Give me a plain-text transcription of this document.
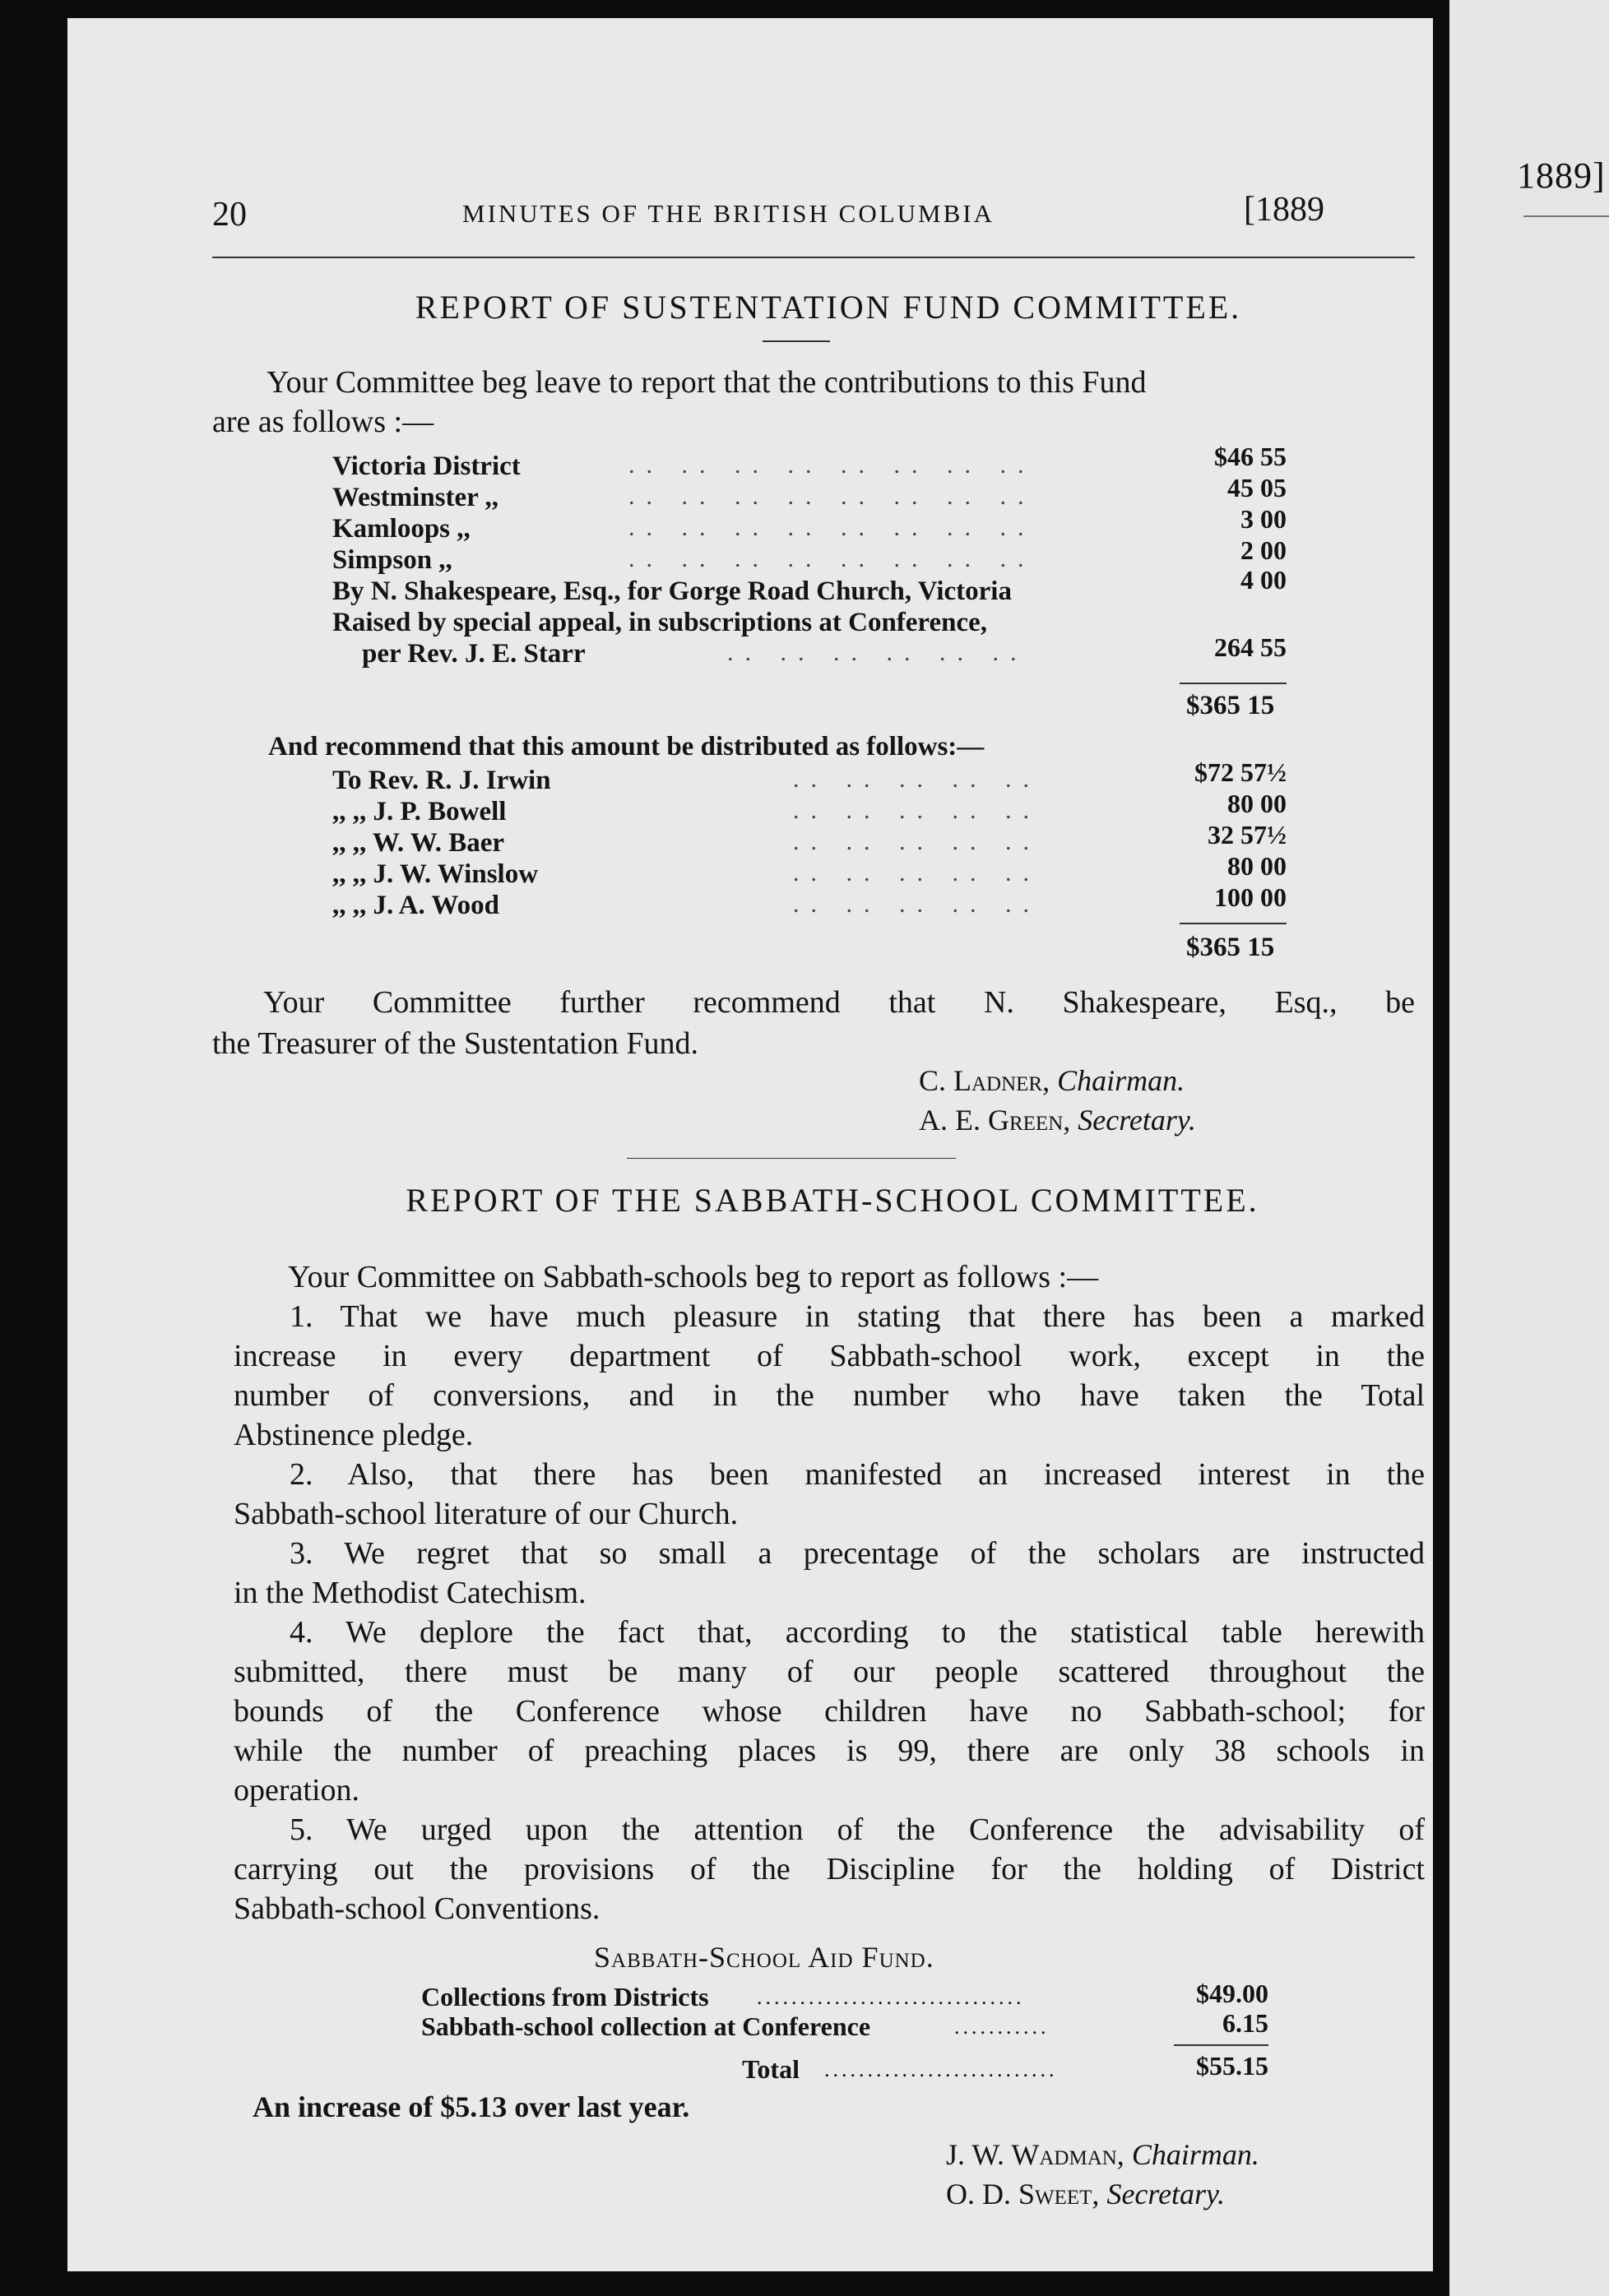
20	MINUTES OF THE BRITISH COLUMBIA	[1889
REPORT OF SUSTENTATION FUND COMMITTEE.
Your Committee beg leave to report that the contributions to this Fund
are as follows :—
Victoria District	.. .. .. .. .. .. .. ..	$46 55
Westminster ,,	.. .. .. .. .. .. .. ..	45 05
Kamloops ,,	.. .. .. .. .. .. .. ..	3 00
Simpson ,,	.. .. .. .. .. .. .. ..	2 00
By N. Shakespeare, Esq., for Gorge Road Church, Victoria	4 00
Raised by special appeal, in subscriptions at Conference,
per Rev. J. E. Starr	.. .. .. .. .. ..	264 55
$365 15
And recommend that this amount be distributed as follows:—
To Rev. R. J. Irwin	.. .. .. .. ..	$72 57½
,, ,, J. P. Bowell	.. .. .. .. ..	80 00
,, ,, W. W. Baer	.. .. .. .. ..	32 57½
,, ,, J. W. Winslow	.. .. .. .. ..	80 00
,, ,, J. A. Wood	.. .. .. .. ..	100 00
$365 15
Your Committee further recommend that N. Shakespeare, Esq., be
the Treasurer of the Sustentation Fund.
C. Ladner, Chairman.
A. E. Green, Secretary.
REPORT OF THE SABBATH-SCHOOL COMMITTEE.
Your Committee on Sabbath-schools beg to report as follows :—
1. That we have much pleasure in stating that there has been a marked
increase in every department of Sabbath-school work, except in the
number of conversions, and in the number who have taken the Total
Abstinence pledge.
2. Also, that there has been manifested an increased interest in the
Sabbath-school literature of our Church.
3. We regret that so small a precentage of the scholars are instructed
in the Methodist Catechism.
4. We deplore the fact that, according to the statistical table herewith
submitted, there must be many of our people scattered throughout the
bounds of the Conference whose children have no Sabbath-school; for
while the number of preaching places is 99, there are only 38 schools in
operation.
5. We urged upon the attention of the Conference the advisability of
carrying out the provisions of the Discipline for the holding of District
Sabbath-school Conventions.
Sabbath-School Aid Fund.
Collections from Districts ...............................	$49.00
Sabbath-school collection at Conference	...........	6.15
Total ...........................	$55.15
An increase of $5.13 over last year.
J. W. Wadman, Chairman.
O. D. Sweet, Secretary.
1889]
